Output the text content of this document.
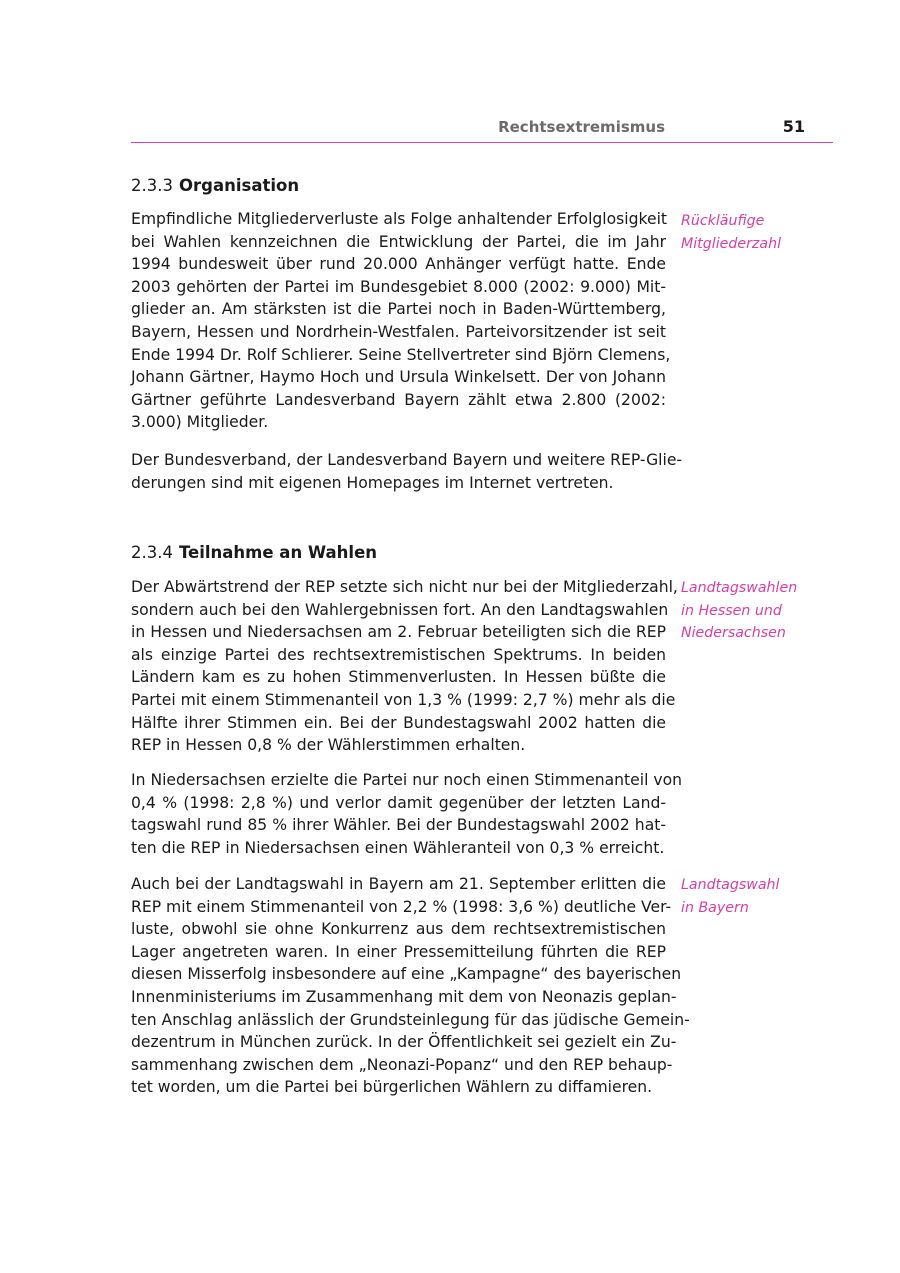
Rechtsextremismus	51
2.3.3 Organisation
Empfindliche Mitgliederverluste als Folge anhaltender Erfolglosigkeit
bei Wahlen kennzeichnen die Entwicklung der Partei, die im Jahr
1994 bundesweit über rund 20.000 Anhänger verfügt hatte. Ende
2003 gehörten der Partei im Bundesgebiet 8.000 (2002: 9.000) Mit-
glieder an. Am stärksten ist die Partei noch in Baden-Württemberg,
Bayern, Hessen und Nordrhein-Westfalen. Parteivorsitzender ist seit
Ende 1994 Dr. Rolf Schlierer. Seine Stellvertreter sind Björn Clemens,
Johann Gärtner, Haymo Hoch und Ursula Winkelsett. Der von Johann
Gärtner geführte Landesverband Bayern zählt etwa 2.800 (2002:
3.000) Mitglieder.
Der Bundesverband, der Landesverband Bayern und weitere REP-Glie-
derungen sind mit eigenen Homepages im Internet vertreten.
Rückläufige
Mitgliederzahl
2.3.4 Teilnahme an Wahlen
Der Abwärtstrend der REP setzte sich nicht nur bei der Mitgliederzahl,
sondern auch bei den Wahlergebnissen fort. An den Landtagswahlen
in Hessen und Niedersachsen am 2. Februar beteiligten sich die REP
als einzige Partei des rechtsextremistischen Spektrums. In beiden
Ländern kam es zu hohen Stimmenverlusten. In Hessen büßte die
Partei mit einem Stimmenanteil von 1,3 % (1999: 2,7 %) mehr als die
Hälfte ihrer Stimmen ein. Bei der Bundestagswahl 2002 hatten die
REP in Hessen 0,8 % der Wählerstimmen erhalten.
In Niedersachsen erzielte die Partei nur noch einen Stimmenanteil von
0,4 % (1998: 2,8 %) und verlor damit gegenüber der letzten Land-
tagswahl rund 85 % ihrer Wähler. Bei der Bundestagswahl 2002 hat-
ten die REP in Niedersachsen einen Wähleranteil von 0,3 % erreicht.
Auch bei der Landtagswahl in Bayern am 21. September erlitten die
REP mit einem Stimmenanteil von 2,2 % (1998: 3,6 %) deutliche Ver-
luste, obwohl sie ohne Konkurrenz aus dem rechtsextremistischen
Lager angetreten waren. In einer Pressemitteilung führten die REP
diesen Misserfolg insbesondere auf eine „Kampagne“ des bayerischen
Innenministeriums im Zusammenhang mit dem von Neonazis geplan-
ten Anschlag anlässlich der Grundsteinlegung für das jüdische Gemein-
dezentrum in München zurück. In der Öffentlichkeit sei gezielt ein Zu-
sammenhang zwischen dem „Neonazi-Popanz“ und den REP behaup-
tet worden, um die Partei bei bürgerlichen Wählern zu diffamieren.
Landtagswahlen
in Hessen und
Niedersachsen
Landtagswahl
in Bayern
